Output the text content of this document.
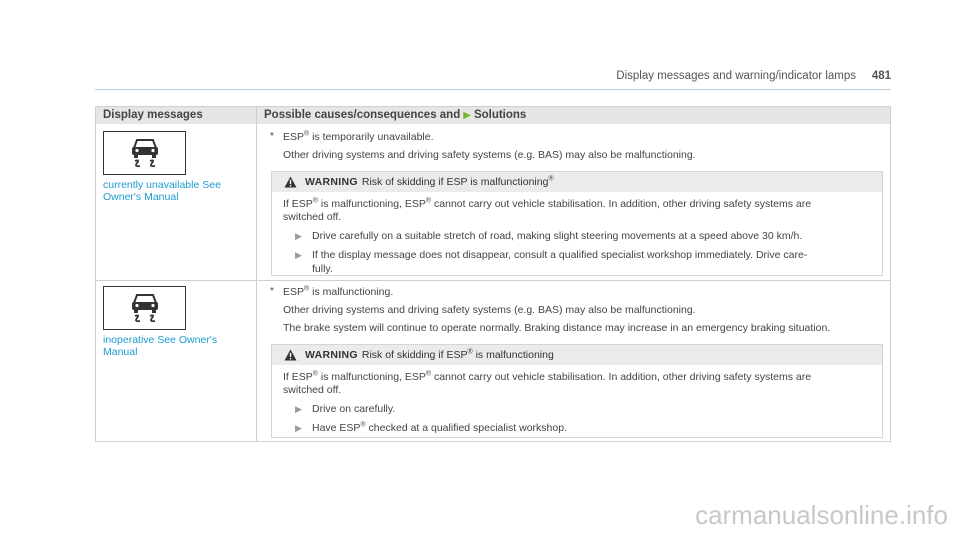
Display messages and warning/indicator lamps 481
Display messages	Possible causes/consequences and ▶ Solutions
currently unavailable See Owner's Manual
* ESP® is temporarily unavailable.
Other driving systems and driving safety systems (e.g. BAS) may also be malfunctioning.
WARNING Risk of skidding if ESP is malfunctioning®
If ESP® is malfunctioning, ESP® cannot carry out vehicle stabilisation. In addition, other driving safety systems are
switched off.
▶ Drive carefully on a suitable stretch of road, making slight steering movements at a speed above 30 km/h.
▶ If the display message does not disappear, consult a qualified specialist workshop immediately. Drive care-
fully.
inoperative See Owner's Manual
* ESP® is malfunctioning.
Other driving systems and driving safety systems (e.g. BAS) may also be malfunctioning.
The brake system will continue to operate normally. Braking distance may increase in an emergency braking situation.
WARNING Risk of skidding if ESP® is malfunctioning
If ESP® is malfunctioning, ESP® cannot carry out vehicle stabilisation. In addition, other driving safety systems are
switched off.
▶ Drive on carefully.
▶ Have ESP® checked at a qualified specialist workshop.
carmanualsonline.info
